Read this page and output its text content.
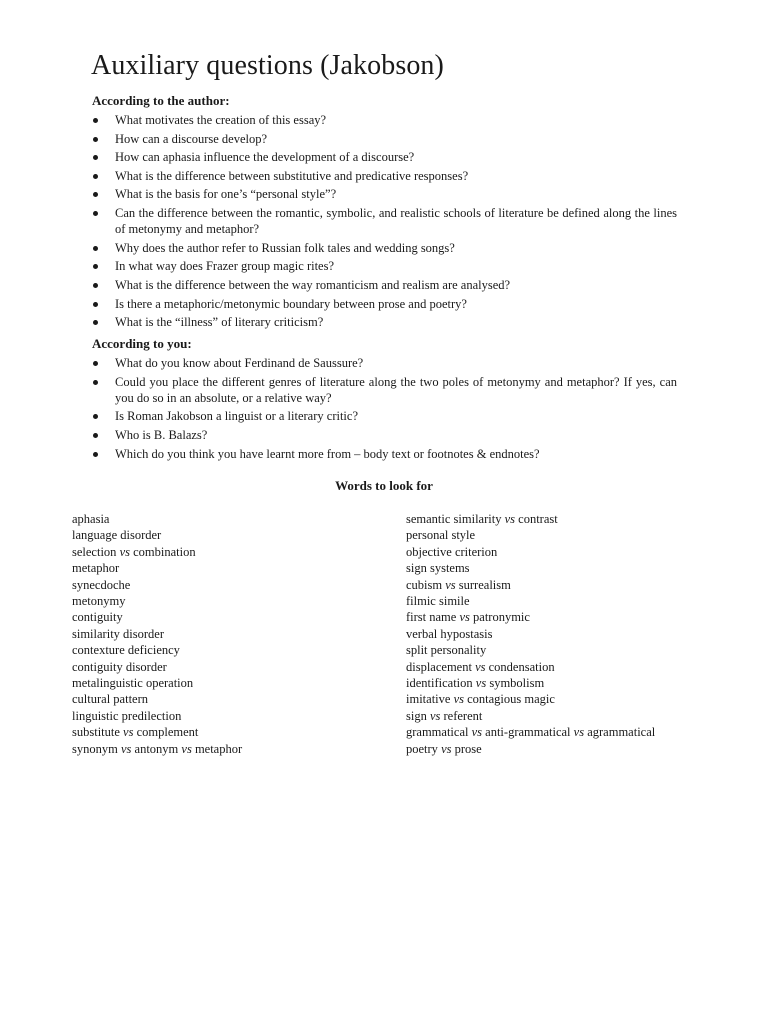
Auxiliary questions (Jakobson)

According to the author:

What motivates the creation of this essay?
How can a discourse develop?
How can aphasia influence the development of a discourse?
What is the difference between substitutive and predicative responses?
What is the basis for one’s “personal style”?
Can the difference between the romantic, symbolic, and realistic schools of literature be defined along the lines of metonymy and metaphor?
Why does the author refer to Russian folk tales and wedding songs?
In what way does Frazer group magic rites?
What is the difference between the way romanticism and realism are analysed?
Is there a metaphoric/metonymic boundary between prose and poetry?
What is the “illness” of literary criticism?

According to you:

What do you know about Ferdinand de Saussure?
Could you place the different genres of literature along the two poles of metonymy and metaphor? If yes, can you do so in an absolute, or a relative way?
Is Roman Jakobson a linguist or a literary critic?
Who is B. Balazs?
Which do you think you have learnt more from – body text or footnotes & endnotes?

Words to look for

aphasia
language disorder
selection vs combination
metaphor
synecdoche
metonymy
contiguity
similarity disorder
contexture deficiency
contiguity disorder
metalinguistic operation
cultural pattern
linguistic predilection
substitute vs complement
synonym vs antonym vs metaphor
semantic similarity vs contrast
personal style
objective criterion
sign systems
cubism vs surrealism
filmic simile
first name vs patronymic
verbal hypostasis
split personality
displacement vs condensation
identification vs symbolism
imitative vs contagious magic
sign vs referent
grammatical vs anti-grammatical vs agrammatical
poetry vs prose
